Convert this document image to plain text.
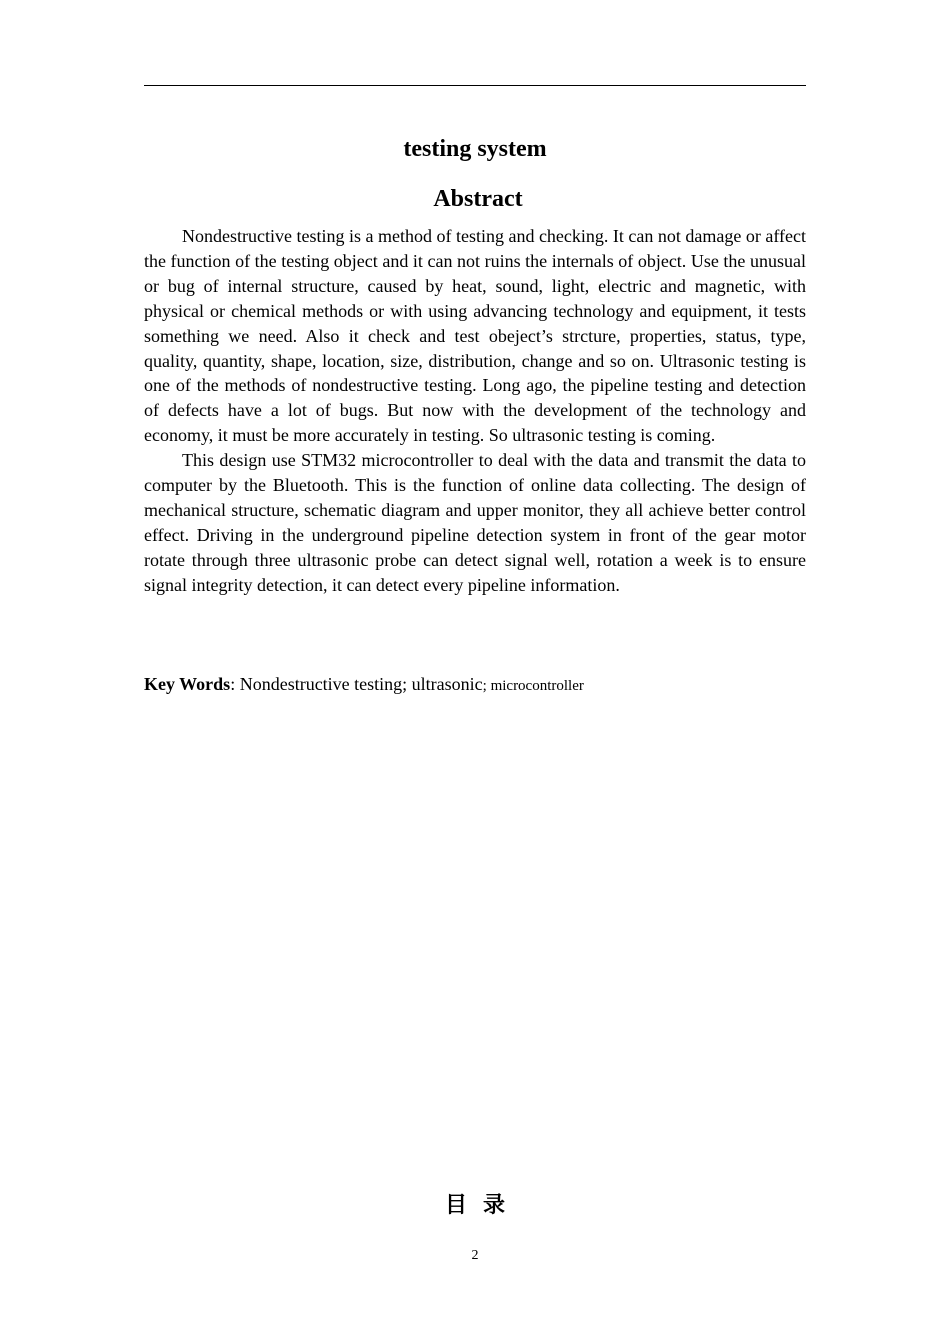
testing system
Abstract

Nondestructive testing is a method of testing and checking. It can not damage or affect the function of the testing object and it can not ruins the internals of object. Use the unusual or bug of internal structure, caused by heat, sound, light, electric and magnetic, with physical or chemical methods or with using advancing technology and equipment, it tests something we need. Also it check and test obeject’s strcture, properties, status, type, quality, quantity, shape, location, size, distribution, change and so on. Ultrasonic testing is one of the methods of nondestructive testing. Long ago, the pipeline testing and detection of defects have a lot of bugs. But now with the development of the technology and economy, it must be more accurately in testing. So ultrasonic testing is coming.

This design use STM32 microcontroller to deal with the data and transmit the data to computer by the Bluetooth. This is the function of online data collecting. The design of mechanical structure, schematic diagram and upper monitor, they all achieve better control effect. Driving in the underground pipeline detection system in front of the gear motor rotate through three ultrasonic probe can detect signal well, rotation a week is to ensure signal integrity detection, it can detect every pipeline information.

Key Words: Nondestructive testing; ultrasonic; microcontroller

目录
2
